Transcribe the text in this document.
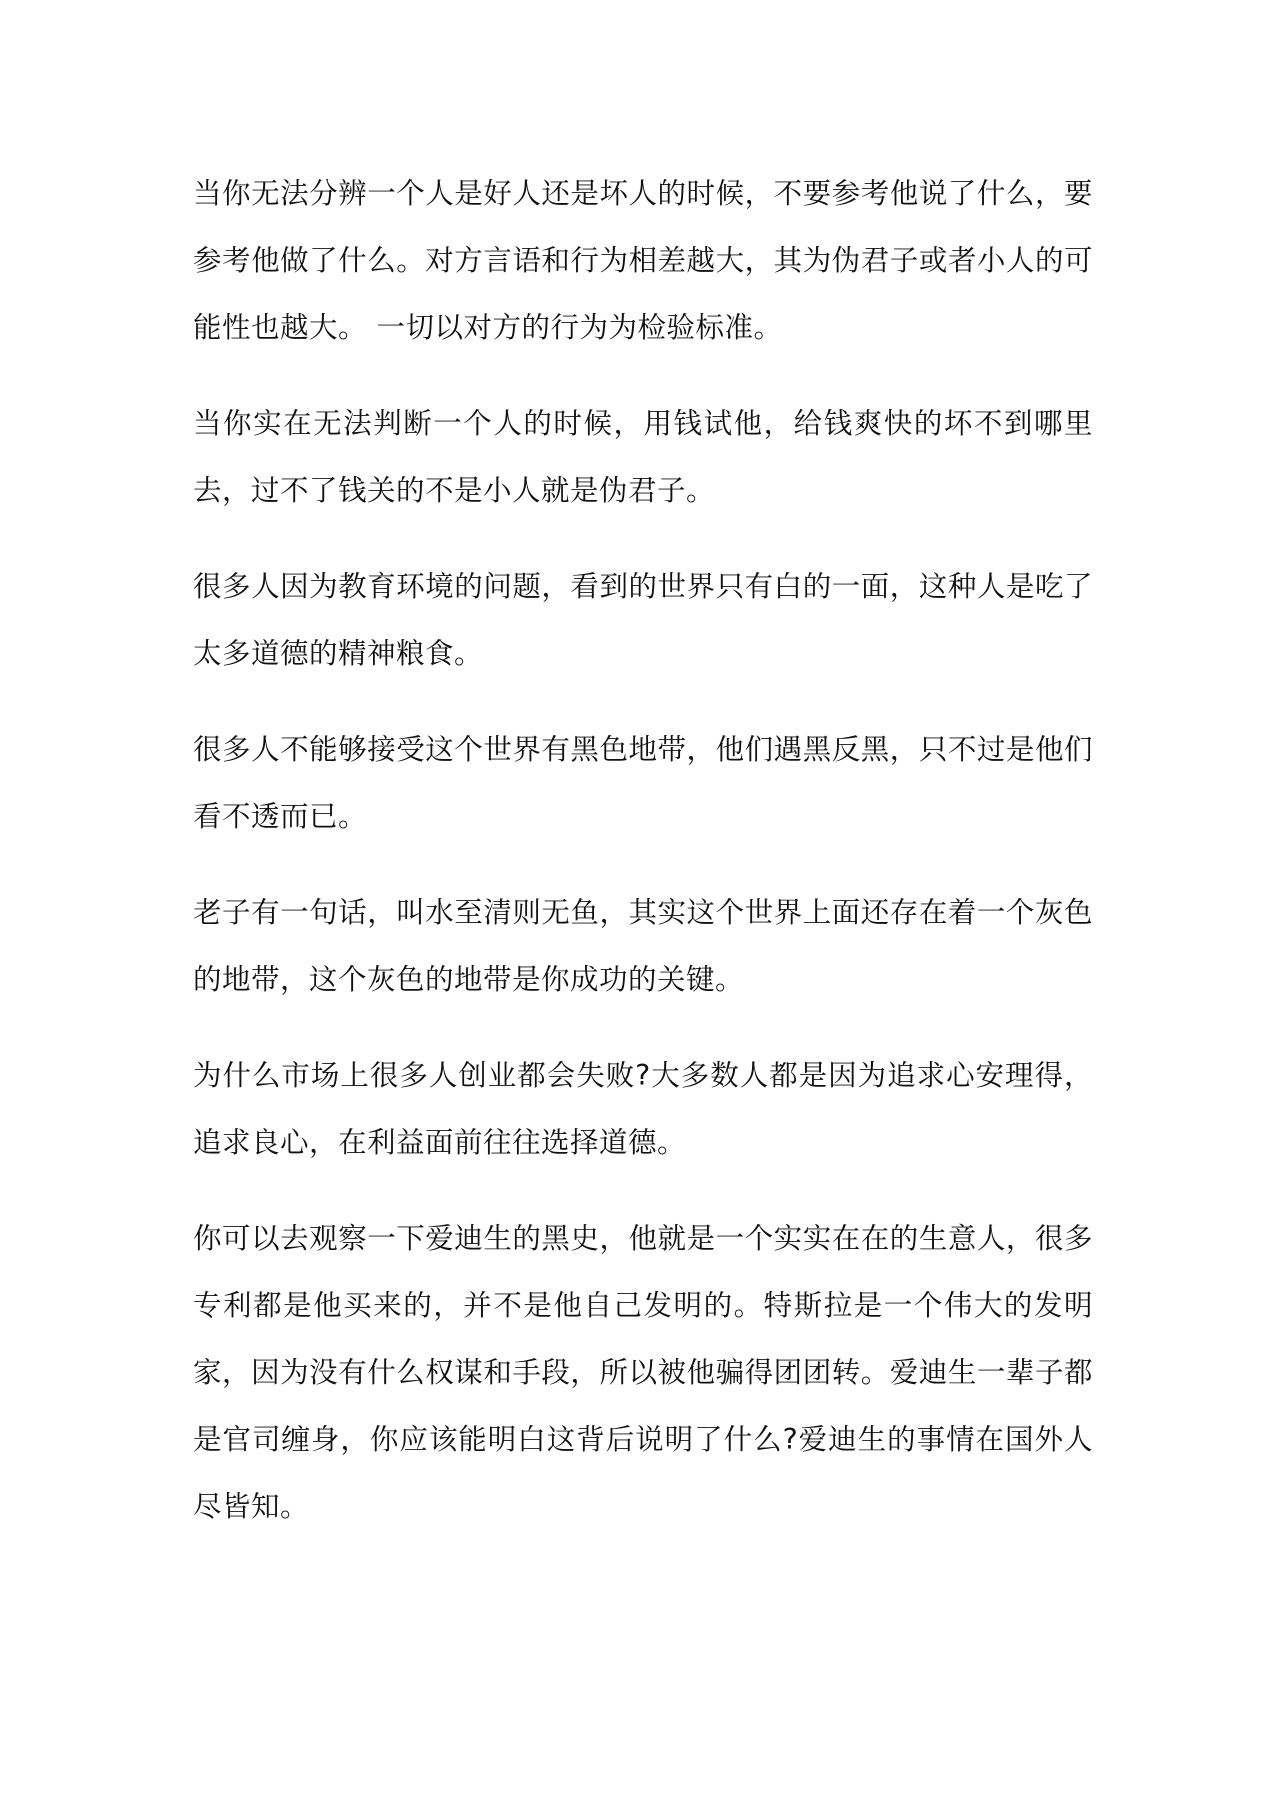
当你无法分辨一个人是好人还是坏人的时候，不要参考他说了什么，要参考他做了什么。对方言语和行为相差越大，其为伪君子或者小人的可能性也越大。 一切以对方的行为为检验标准。

当你实在无法判断一个人的时候，用钱试他，给钱爽快的坏不到哪里去，过不了钱关的不是小人就是伪君子。

很多人因为教育环境的问题，看到的世界只有白的一面，这种人是吃了太多道德的精神粮食。

很多人不能够接受这个世界有黑色地带，他们遇黑反黑，只不过是他们看不透而已。

老子有一句话，叫水至清则无鱼，其实这个世界上面还存在着一个灰色的地带，这个灰色的地带是你成功的关键。

为什么市场上很多人创业都会失败?大多数人都是因为追求心安理得，追求良心，在利益面前往往选择道德。

你可以去观察一下爱迪生的黑史，他就是一个实实在在的生意人，很多专利都是他买来的，并不是他自己发明的。特斯拉是一个伟大的发明家，因为没有什么权谋和手段，所以被他骗得团团转。爱迪生一辈子都是官司缠身，你应该能明白这背后说明了什么?爱迪生的事情在国外人尽皆知。
